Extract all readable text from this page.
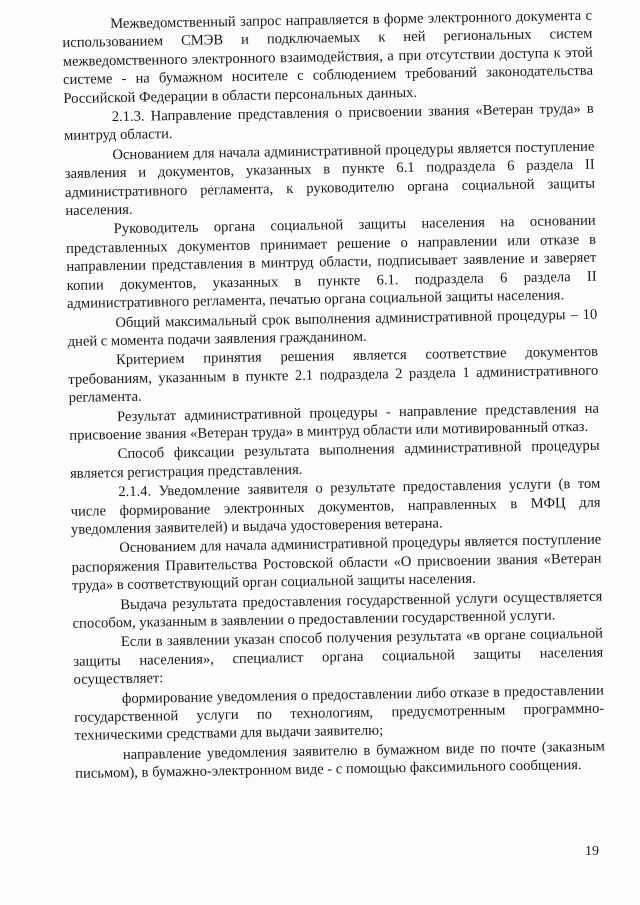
Межведомственный запрос направляется в форме электронного документа с использованием СМЭВ и подключаемых к ней региональных систем межведомственного электронного взаимодействия, а при отсутствии доступа к этой системе - на бумажном носителе с соблюдением требований законодательства Российской Федерации в области персональных данных.

2.1.3. Направление представления о присвоении звания «Ветеран труда» в минтруд области.

Основанием для начала административной процедуры является поступление заявления и документов, указанных в пункте 6.1 подраздела 6 раздела II административного регламента, к руководителю органа социальной защиты населения.

Руководитель органа социальной защиты населения на основании представленных документов принимает решение о направлении или отказе в направлении представления в минтруд области, подписывает заявление и заверяет копии документов, указанных в пункте 6.1. подраздела 6 раздела II административного регламента, печатью органа социальной защиты населения.

Общий максимальный срок выполнения административной процедуры – 10 дней с момента подачи заявления гражданином.

Критерием принятия решения является соответствие документов требованиям, указанным в пункте 2.1 подраздела 2 раздела 1 административного регламента.

Результат административной процедуры - направление представления на присвоение звания «Ветеран труда» в минтруд области или мотивированный отказ.

Способ фиксации результата выполнения административной процедуры является регистрация представления.

2.1.4. Уведомление заявителя о результате предоставления услуги (в том числе формирование электронных документов, направленных в МФЦ для уведомления заявителей) и выдача удостоверения ветерана.

Основанием для начала административной процедуры является поступление распоряжения Правительства Ростовской области «О присвоении звания «Ветеран труда» в соответствующий орган социальной защиты населения.

Выдача результата предоставления государственной услуги осуществляется способом, указанным в заявлении о предоставлении государственной услуги.

Если в заявлении указан способ получения результата «в органе социальной защиты населения», специалист органа социальной защиты населения осуществляет:

формирование уведомления о предоставлении либо отказе в предоставлении государственной услуги по технологиям, предусмотренным программно-техническими средствами для выдачи заявителю;

направление уведомления заявителю в бумажном виде по почте (заказным письмом), в бумажно-электронном виде - с помощью факсимильного сообщения.

19
